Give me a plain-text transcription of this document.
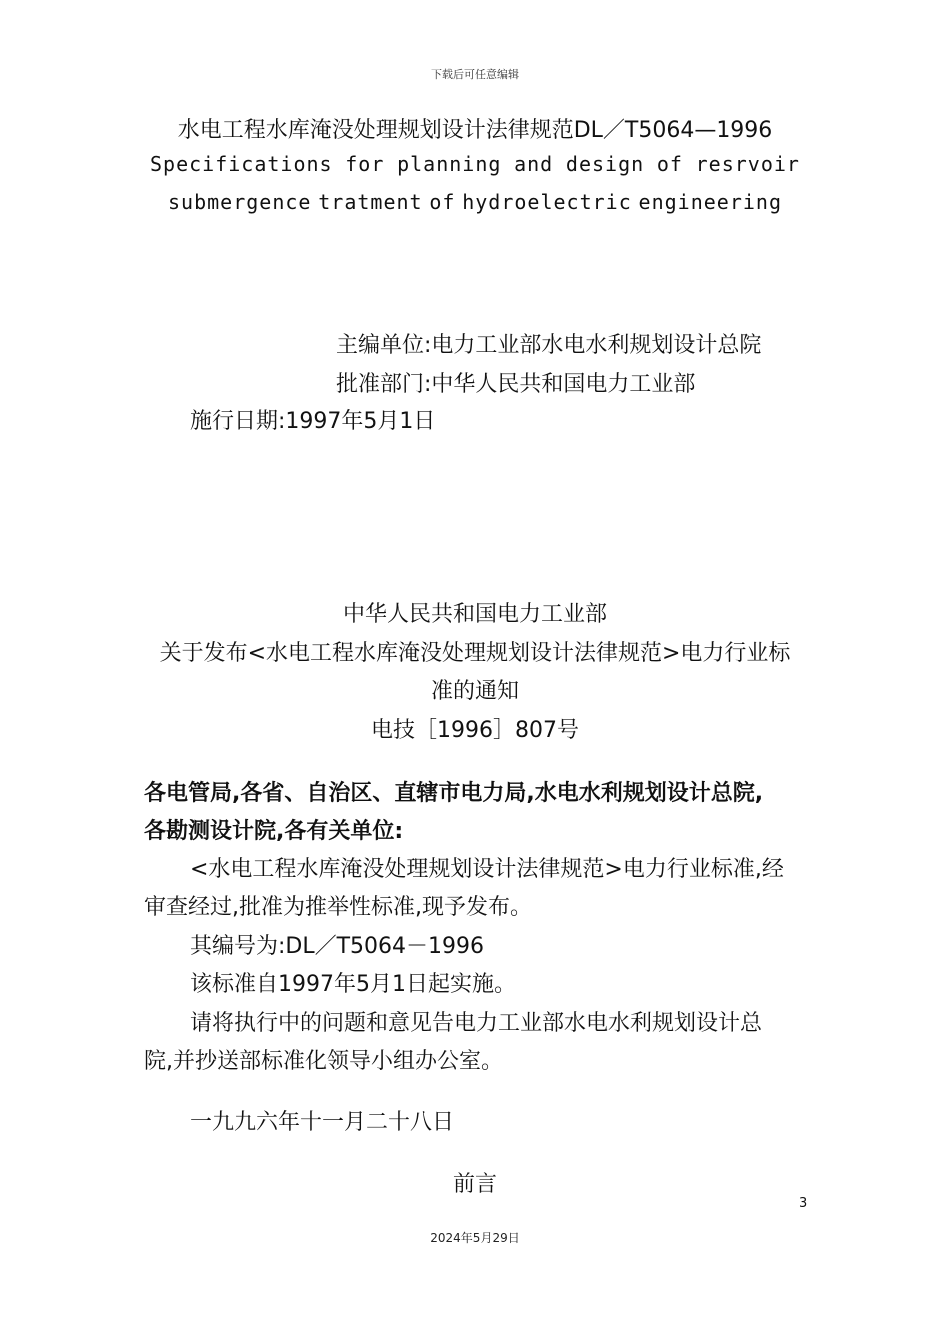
下载后可任意编辑
水电工程水库淹没处理规划设计法律规范DL／T5064—1996
Specifications for planning and design of resrvoir
submergence tratment of hydroelectric engineering
主编单位:电力工业部水电水利规划设计总院
批准部门:中华人民共和国电力工业部
施行日期:1997年5月1日
中华人民共和国电力工业部
关于发布<水电工程水库淹没处理规划设计法律规范>电力行业标
准的通知
电技［1996］807号
各电管局,各省、自治区、直辖市电力局,水电水利规划设计总院,
各勘测设计院,各有关单位:
<水电工程水库淹没处理规划设计法律规范>电力行业标准,经
审查经过,批准为推举性标准,现予发布。
其编号为:DL／T5064－1996
该标准自1997年5月1日起实施。
请将执行中的问题和意见告电力工业部水电水利规划设计总
院,并抄送部标准化领导小组办公室。
一九九六年十一月二十八日
前言
3
2024年5月29日
